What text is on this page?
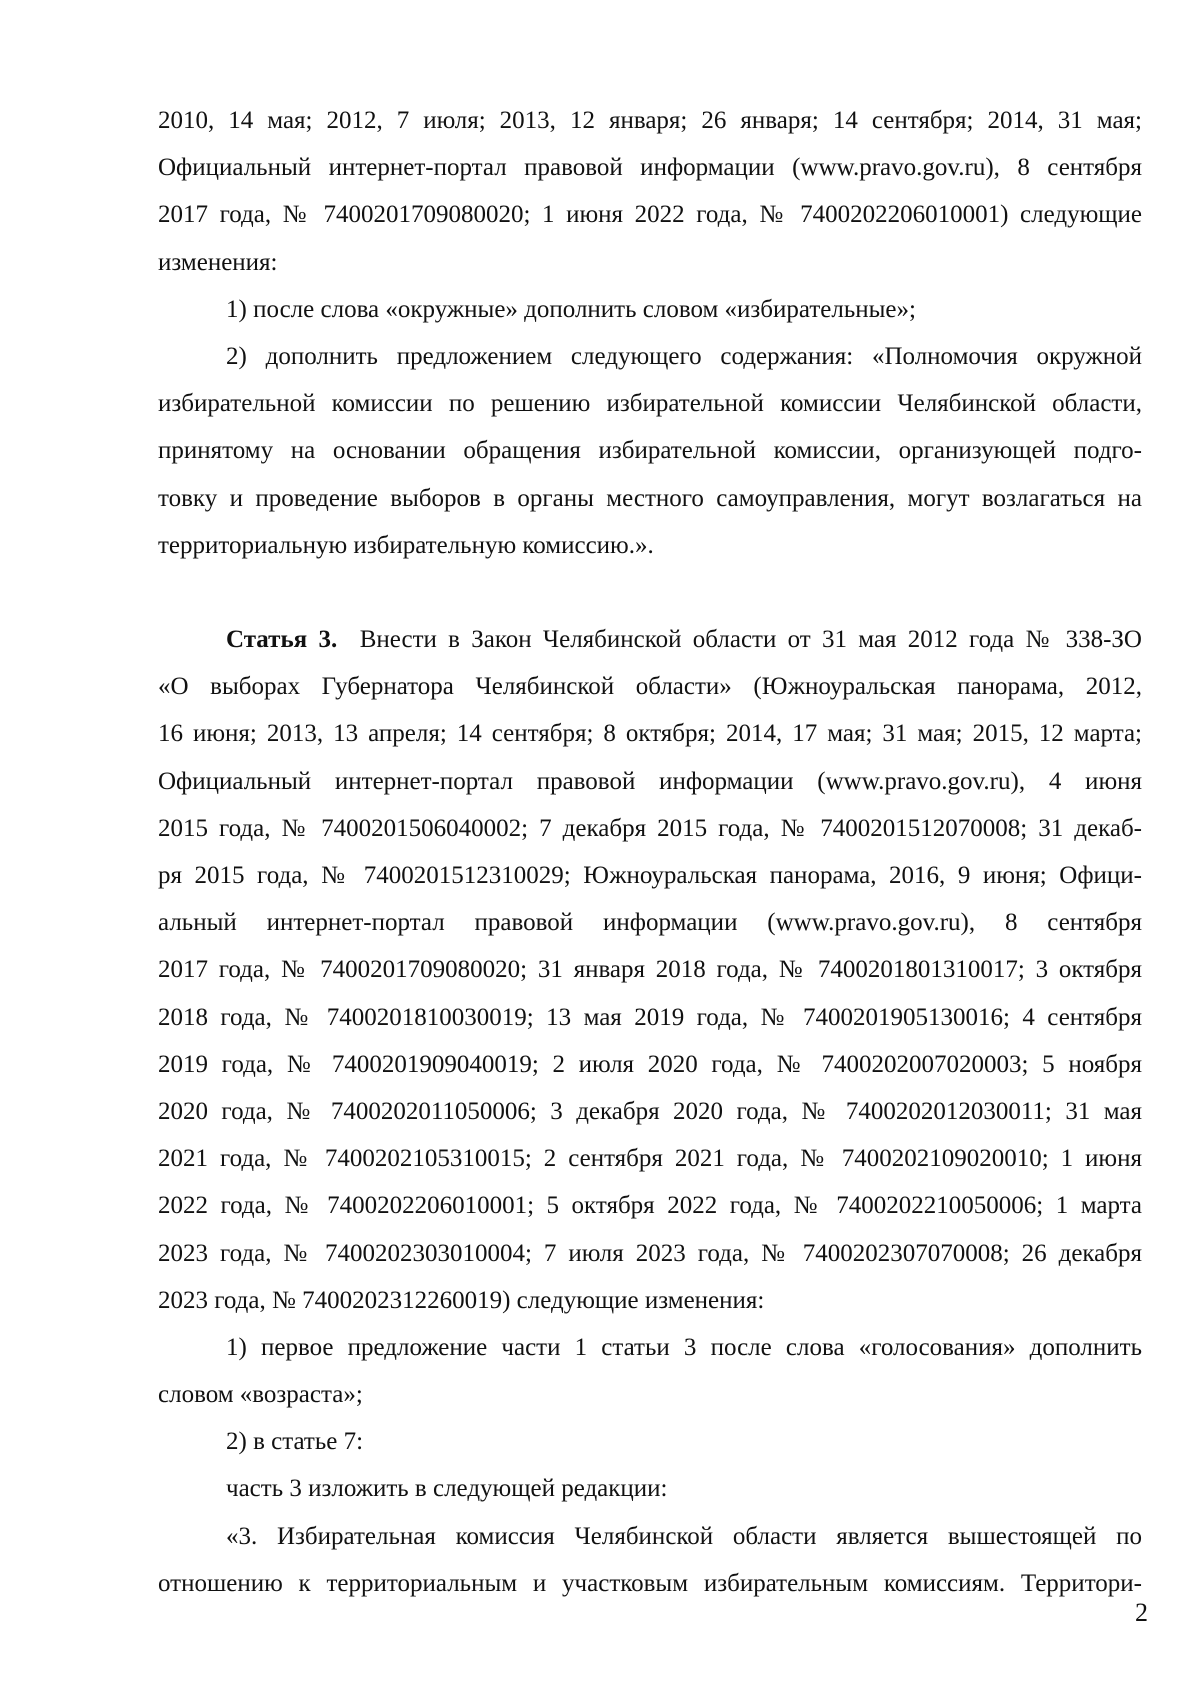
2010, 14 мая; 2012, 7 июля; 2013, 12 января; 26 января; 14 сентября; 2014, 31 мая;
Официальный интернет-портал правовой информации (www.pravo.gov.ru), 8 сентября
2017 года, № 7400201709080020; 1 июня 2022 года, № 7400202206010001) следующие
изменения:
1) после слова «окружные» дополнить словом «избирательные»;
2) дополнить предложением следующего содержания: «Полномочия окружной
избирательной комиссии по решению избирательной комиссии Челябинской области,
принятому на основании обращения избирательной комиссии, организующей подго-
товку и проведение выборов в органы местного самоуправления, могут возлагаться на
территориальную избирательную комиссию.».
Статья 3. Внести в Закон Челябинской области от 31 мая 2012 года № 338-ЗО
«О выборах Губернатора Челябинской области» (Южноуральская панорама, 2012,
16 июня; 2013, 13 апреля; 14 сентября; 8 октября; 2014, 17 мая; 31 мая; 2015, 12 марта;
Официальный интернет-портал правовой информации (www.pravo.gov.ru), 4 июня
2015 года, № 7400201506040002; 7 декабря 2015 года, № 7400201512070008; 31 декаб-
ря 2015 года, № 7400201512310029; Южноуральская панорама, 2016, 9 июня; Офици-
альный интернет-портал правовой информации (www.pravo.gov.ru), 8 сентября
2017 года, № 7400201709080020; 31 января 2018 года, № 7400201801310017; 3 октября
2018 года, № 7400201810030019; 13 мая 2019 года, № 7400201905130016; 4 сентября
2019 года, № 7400201909040019; 2 июля 2020 года, № 7400202007020003; 5 ноября
2020 года, № 7400202011050006; 3 декабря 2020 года, № 7400202012030011; 31 мая
2021 года, № 7400202105310015; 2 сентября 2021 года, № 7400202109020010; 1 июня
2022 года, № 7400202206010001; 5 октября 2022 года, № 7400202210050006; 1 марта
2023 года, № 7400202303010004; 7 июля 2023 года, № 7400202307070008; 26 декабря
2023 года, № 7400202312260019) следующие изменения:
1) первое предложение части 1 статьи 3 после слова «голосования» дополнить
словом «возраста»;
2) в статье 7:
часть 3 изложить в следующей редакции:
«3. Избирательная комиссия Челябинской области является вышестоящей по
отношению к территориальным и участковым избирательным комиссиям. Территори-
2
